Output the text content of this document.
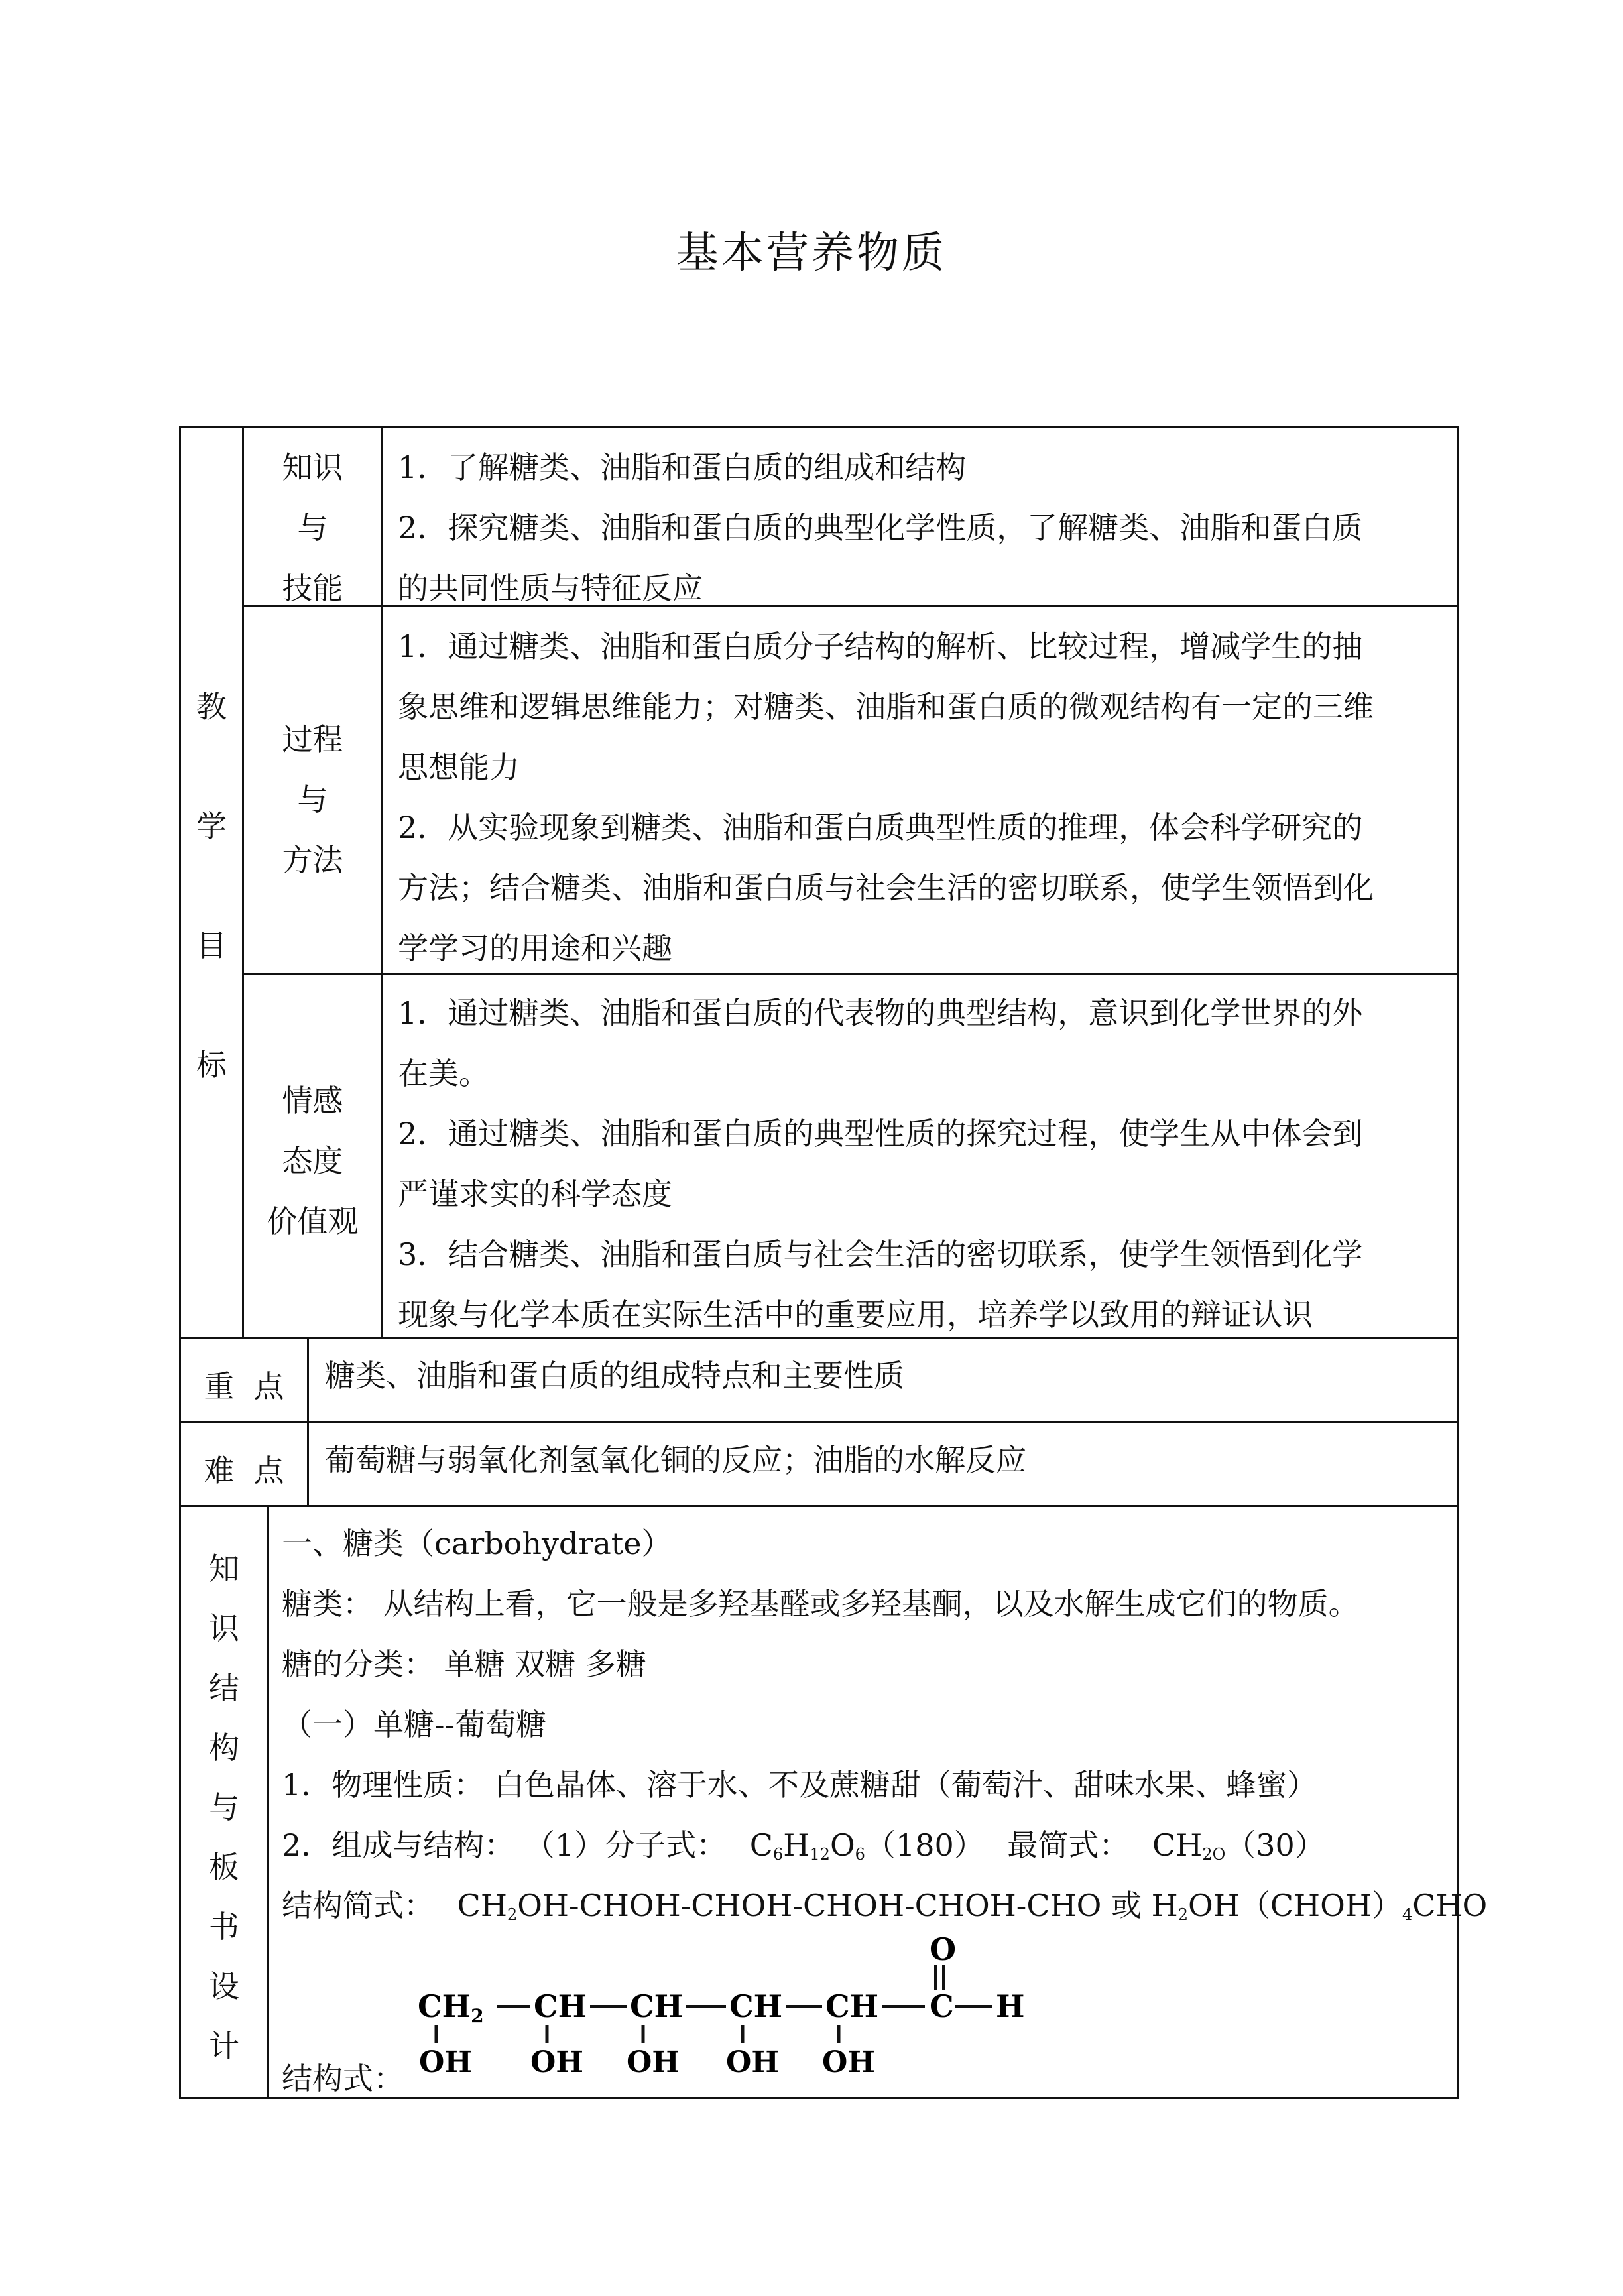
基本营养物质
教
学
目
标
知识
与
技能
1．了解糖类、油脂和蛋白质的组成和结构
2．探究糖类、油脂和蛋白质的典型化学性质，了解糖类、油脂和蛋白质
的共同性质与特征反应
过程
与
方法
1．通过糖类、油脂和蛋白质分子结构的解析、比较过程，增减学生的抽
象思维和逻辑思维能力；对糖类、油脂和蛋白质的微观结构有一定的三维
思想能力
2．从实验现象到糖类、油脂和蛋白质典型性质的推理，体会科学研究的
方法；结合糖类、油脂和蛋白质与社会生活的密切联系，使学生领悟到化
学学习的用途和兴趣
情感
态度
价值观
1．通过糖类、油脂和蛋白质的代表物的典型结构，意识到化学世界的外
在美。
2．通过糖类、油脂和蛋白质的典型性质的探究过程，使学生从中体会到
严谨求实的科学态度
3．结合糖类、油脂和蛋白质与社会生活的密切联系，使学生领悟到化学
现象与化学本质在实际生活中的重要应用，培养学以致用的辩证认识
重  点	糖类、油脂和蛋白质的组成特点和主要性质
难  点	葡萄糖与弱氧化剂氢氧化铜的反应；油脂的水解反应
知
识
结
构
与
板
书
设
计
一、糖类（carbohydrate）
糖类： 从结构上看，它一般是多羟基醛或多羟基酮，以及水解生成它们的物质。
糖的分类： 单糖 双糖 多糖
（一）单糖--葡萄糖
1．物理性质： 白色晶体、溶于水、不及蔗糖甜（葡萄汁、甜味水果、蜂蜜）
2．组成与结构： （1）分子式： $C_6H_{12}O_6(180)$ 最简式： $CH_{2O}(30)$
结构简式： $CH_2OH-CHOH-CHOH-CHOH-CHOH$-CHO 或 $H_2OH(CHOH)_4CHO$
CH2 CH CH CH CH C H
O
OH OH OH OH OH
结构式：
